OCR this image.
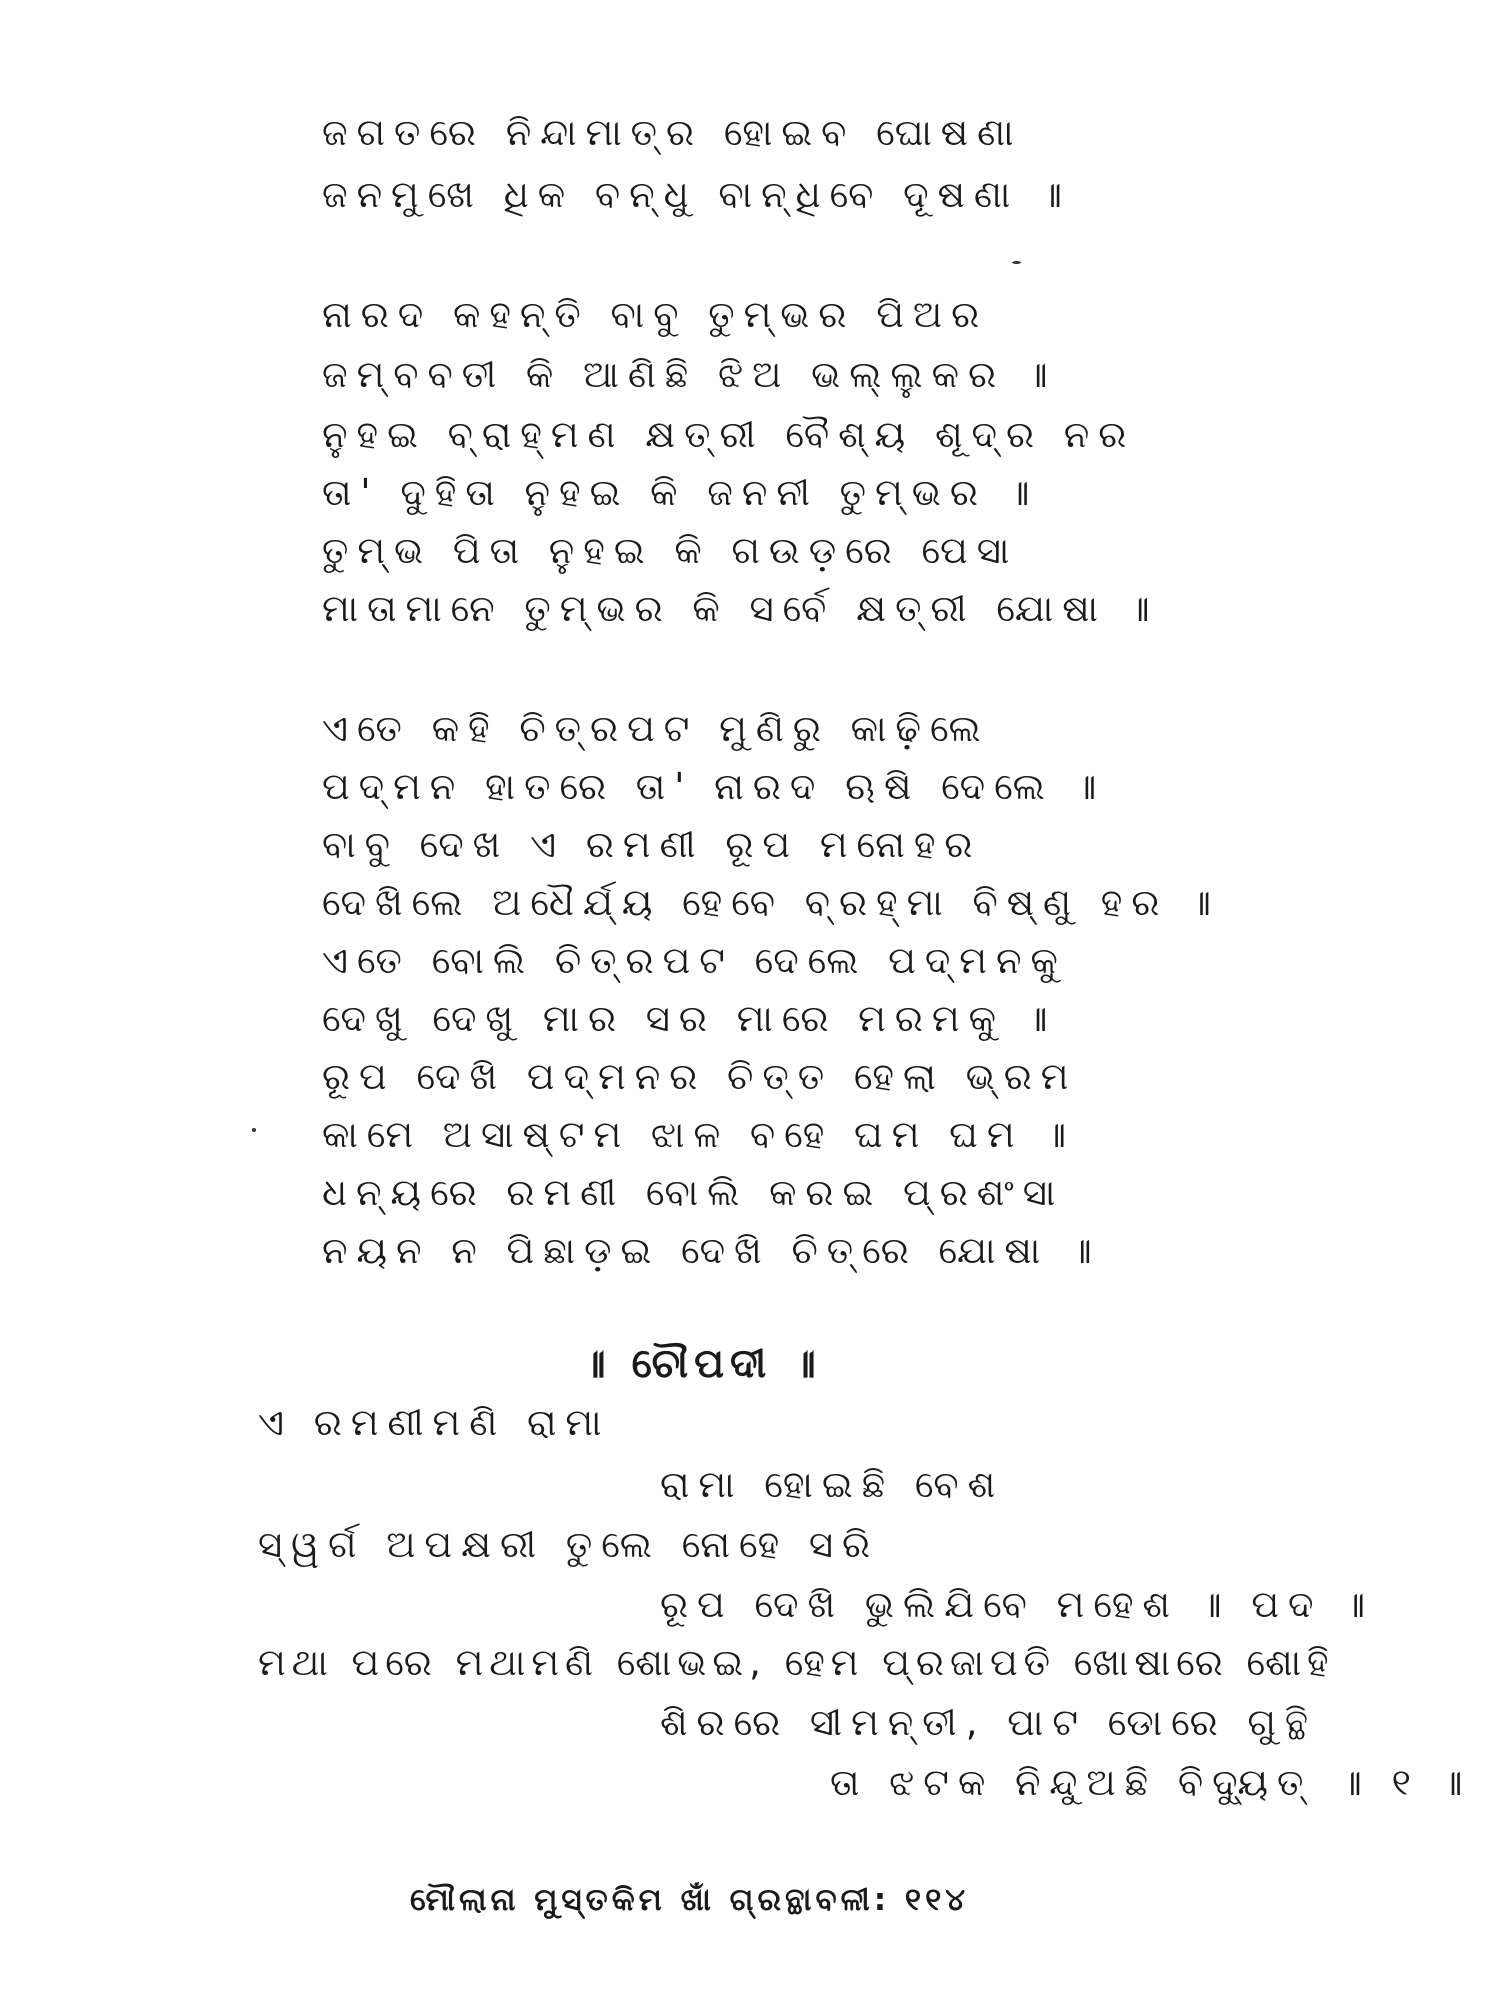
ଜଗତରେ ନିନ୍ଦାମାତ୍ର ହୋଇବ ଘୋଷଣା
ଜନମୁଖେ ଧିକ ବନ୍ଧୁ ବାନ୍ଧିବେ ଦୂଷଣା ॥
ନାରଦ କହନ୍ତି ବାବୁ ତୁମ୍ଭର ପିଅର
ଜମ୍ବବତୀ କି ଆଣିଛି ଝିଅ ଭଲ୍ଲୁକର ॥
ନୁହଇ ବ୍ରାହ୍ମଣ କ୍ଷତ୍ରୀ ବୈଶ୍ୟ ଶୂଦ୍ର ନର
ତା' ଦୁହିତା ନୁହଇ କି ଜନନୀ ତୁମ୍ଭର ॥
ତୁମ୍ଭ ପିତା ନୁହଇ କି ଗଉଡ଼ରେ ପେସା
ମାତାମାନେ ତୁମ୍ଭର କି ସର୍ବେ କ୍ଷତ୍ରୀ ଯୋଷା ॥
ଏତେ କହି ଚିତ୍ରପଟ ମୁଣିରୁ କାଢ଼ିଲେ
ପଦ୍ମନ ହାତରେ ତା' ନାରଦ ଋଷି ଦେଲେ ॥
ବାବୁ ଦେଖ ଏ ରମଣୀ ରୂପ ମନୋହର
ଦେଖିଲେ ଅଧୈର୍ଯ୍ୟ ହେବେ ବ୍ରହ୍ମା ବିଷ୍ଣୁ ହର ॥
ଏତେ ବୋଲି ଚିତ୍ରପଟ ଦେଲେ ପଦ୍ମନକୁ
ଦେଖୁ ଦେଖୁ ମାର ସର ମାରେ ମରମକୁ ॥
ରୂପ ଦେଖି ପଦ୍ମନର ଚିତ୍ତ ହେଲା ଭ୍ରମ
କାମେ ଅସାଷ୍ଟମ ଝାଳ ବହେ ଘମ ଘମ ॥
ଧନ୍ୟରେ ରମଣୀ ବୋଲି କରଇ ପ୍ରଶଂସା
ନୟନ ନ ପିଛାଡ଼ଇ ଦେଖି ଚିତ୍ରେ ଯୋଷା ॥
॥ ଚୌପଦୀ ॥
ଏ ରମଣୀମଣି ରାମା
ରାମା ହୋଇଛି ବେଶ
ସ୍ୱର୍ଗ ଅପକ୍ଷରୀ ତୁଲେ ନୋହେ ସରି
ରୂପ ଦେଖି ଭୁଲିଯିବେ ମହେଶ ॥ ପଦ ॥
ମଥା ପରେ ମଥାମଣି ଶୋଭଇ, ହେମ ପ୍ରଜାପତି ଖୋଷାରେ ଶୋହି
ଶିରରେ ସୀମନ୍ତୀ, ପାଟ ଡୋରେ ଗୁନ୍ଥି
ତା ଝଟକ ନିନ୍ଦୁଅଛି ବିଦ୍ୟୁତ୍ ॥ ୧ ॥
ମୌଲାନା ମୁସ୍ତକିମ ଖାଁ ଗ୍ରନ୍ଥାବଳୀ: ୧୧୪
